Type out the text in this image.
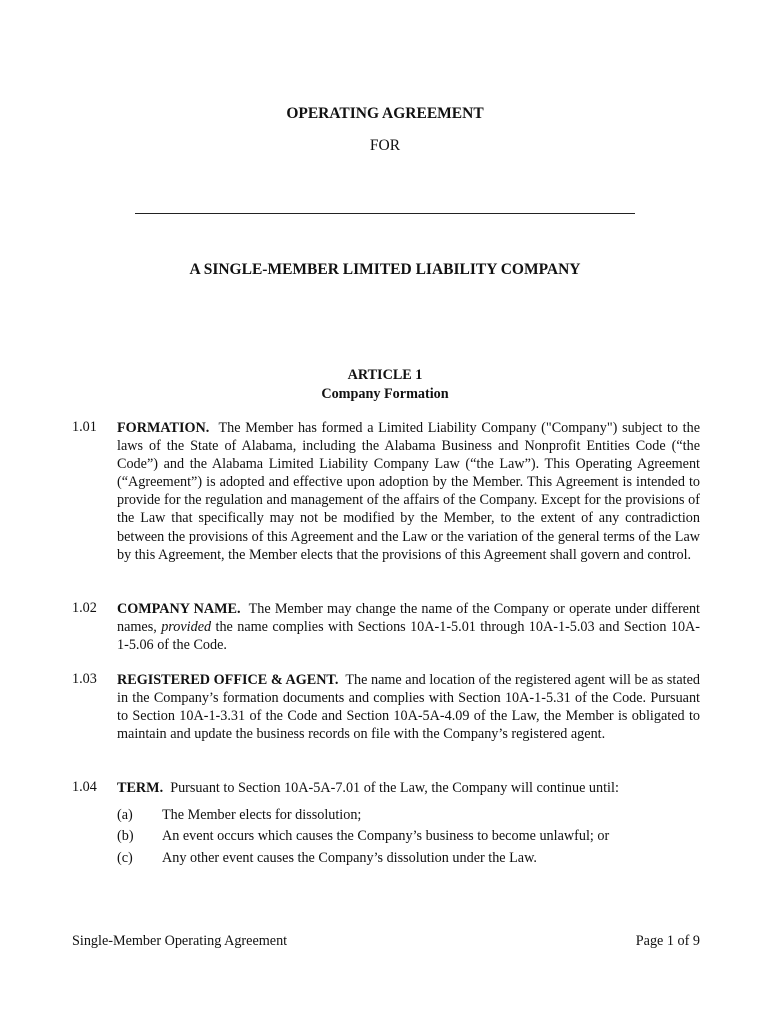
OPERATING AGREEMENT
FOR
A SINGLE-MEMBER LIMITED LIABILITY COMPANY
ARTICLE 1
Company Formation
1.01	FORMATION. The Member has formed a Limited Liability Company ("Company") subject to the laws of the State of Alabama, including the Alabama Business and Nonprofit Entities Code (“the Code”) and the Alabama Limited Liability Company Law (“the Law”). This Operating Agreement (“Agreement”) is adopted and effective upon adoption by the Member. This Agreement is intended to provide for the regulation and management of the affairs of the Company. Except for the provisions of the Law that specifically may not be modified by the Member, to the extent of any contradiction between the provisions of this Agreement and the Law or the variation of the general terms of the Law by this Agreement, the Member elects that the provisions of this Agreement shall govern and control.
1.02	COMPANY NAME. The Member may change the name of the Company or operate under different names, provided the name complies with Sections 10A-1-5.01 through 10A-1-5.03 and Section 10A-1-5.06 of the Code.
1.03	REGISTERED OFFICE & AGENT. The name and location of the registered agent will be as stated in the Company’s formation documents and complies with Section 10A-1-5.31 of the Code. Pursuant to Section 10A-1-3.31 of the Code and Section 10A-5A-4.09 of the Law, the Member is obligated to maintain and update the business records on file with the Company’s registered agent.
1.04	TERM. Pursuant to Section 10A-5A-7.01 of the Law, the Company will continue until:
(a) The Member elects for dissolution;
(b) An event occurs which causes the Company’s business to become unlawful; or
(c) Any other event causes the Company’s dissolution under the Law.
Single-Member Operating Agreement	Page 1 of 9
